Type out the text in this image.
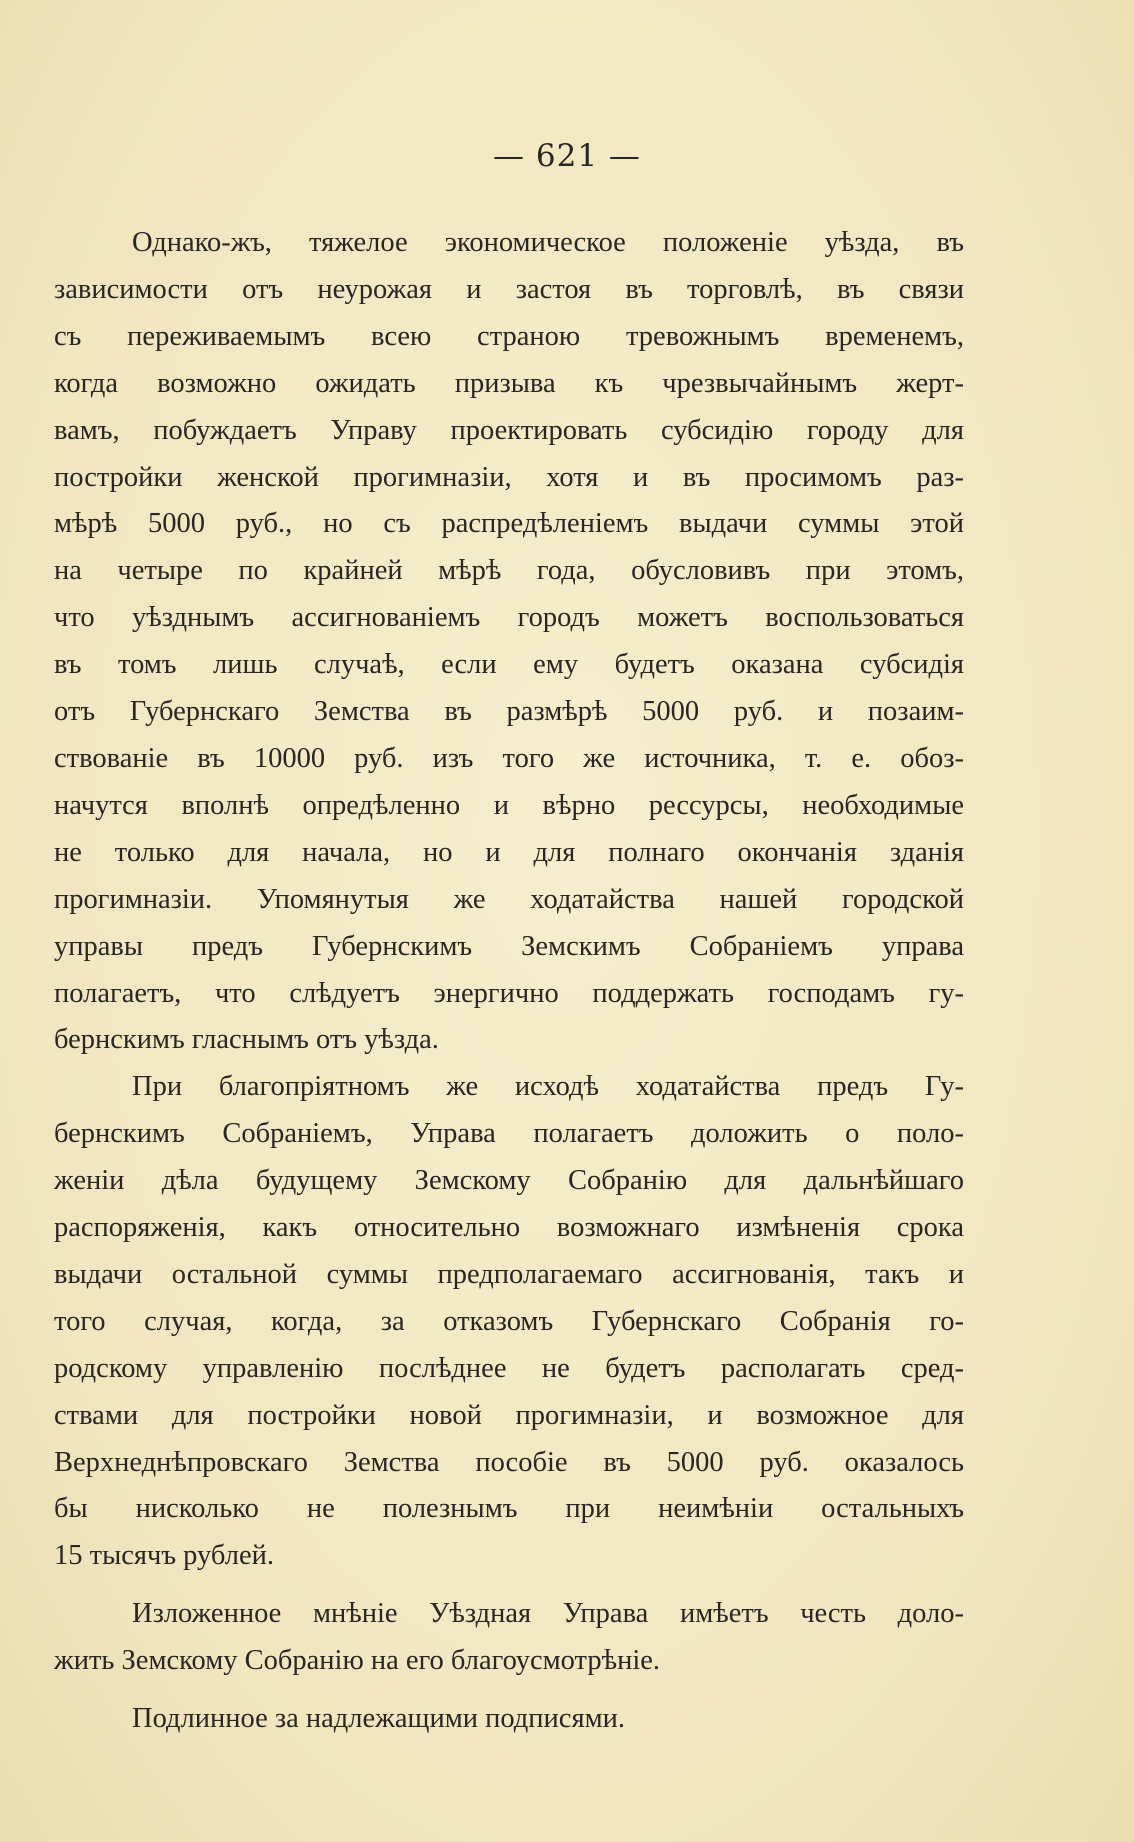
— 621 —
Однако-жъ, тяжелое экономическое положеніе уѣзда, въ
зависимости отъ неурожая и застоя въ торговлѣ, въ связи
съ переживаемымъ всею страною тревожнымъ временемъ,
когда возможно ожидать призыва къ чрезвычайнымъ жерт-
вамъ, побуждаетъ Управу проектировать субсидію городу для
постройки женской прогимназіи, хотя и въ просимомъ раз-
мѣрѣ 5000 руб., но съ распредѣленіемъ выдачи суммы этой
на четыре по крайней мѣрѣ года, обусловивъ при этомъ,
что уѣзднымъ ассигнованіемъ городъ можетъ воспользоваться
въ томъ лишь случаѣ, если ему будетъ оказана субсидія
отъ Губернскаго Земства въ размѣрѣ 5000 руб. и позаим-
ствованіе въ 10000 руб. изъ того же источника, т. е. обоз-
начутся вполнѣ опредѣленно и вѣрно рессурсы, необходимые
не только для начала, но и для полнаго окончанія зданія
прогимназіи. Упомянутыя же ходатайства нашей городской
управы предъ Губернскимъ Земскимъ Собраніемъ управа
полагаетъ, что слѣдуетъ энергично поддержать господамъ гу-
бернскимъ гласнымъ отъ уѣзда.
При благопріятномъ же исходѣ ходатайства предъ Гу-
бернскимъ Собраніемъ, Управа полагаетъ доложить о поло-
женіи дѣла будущему Земскому Собранію для дальнѣйшаго
распоряженія, какъ относительно возможнаго измѣненія срока
выдачи остальной суммы предполагаемаго ассигнованія, такъ и
того случая, когда, за отказомъ Губернскаго Собранія го-
родскому управленію послѣднее не будетъ располагать сред-
ствами для постройки новой прогимназіи, и возможное для
Верхнеднѣпровскаго Земства пособіе въ 5000 руб. оказалось
бы нисколько не полезнымъ при неимѣніи остальныхъ
15 тысячъ рублей.
Изложенное мнѣніе Уѣздная Управа имѣетъ честь доло-
жить Земскому Собранію на его благоусмотрѣніе.
Подлинное за надлежащими подписями.
